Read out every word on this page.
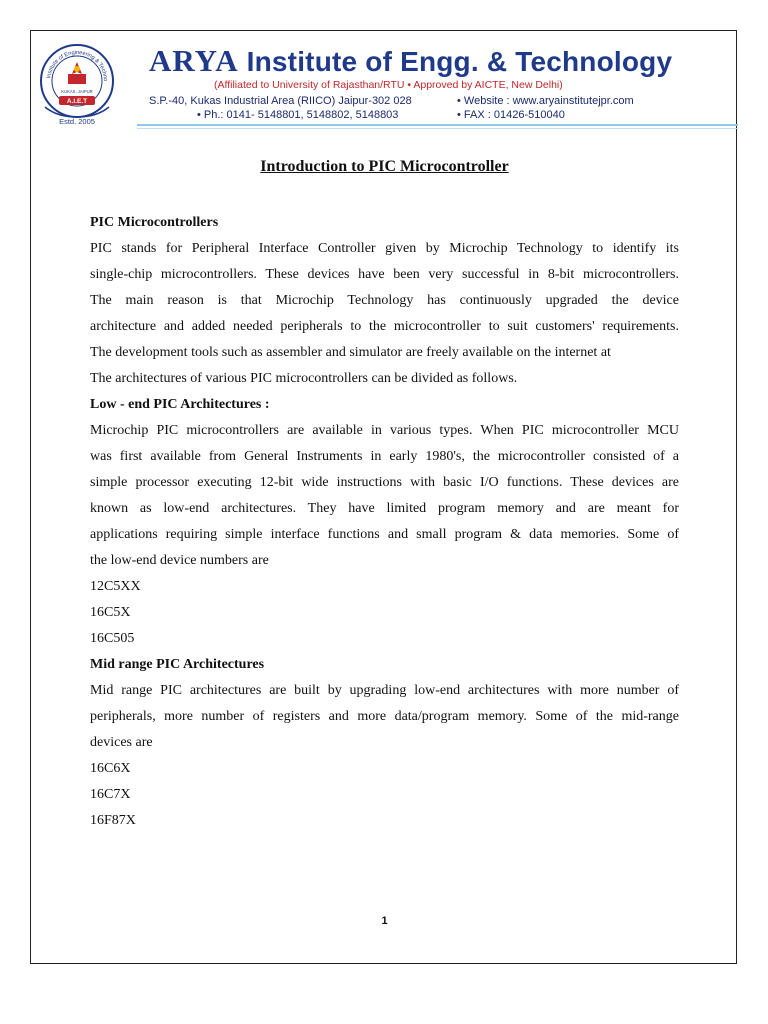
Institute of Engineering & Techno
KUKAS, JAIPUR
A.I.E.T
Estd. 2005
ARYA Institute of Engg. & Technology
(Affiliated to University of Rajasthan/RTU • Approved by AICTE, New Delhi)
S.P.-40, Kukas Industrial Area (RIICO) Jaipur-302 028
• Ph.: 0141- 5148801, 5148802, 5148803
• Website : www.aryainstitutejpr.com
• FAX : 01426-510040
Introduction to PIC Microcontroller
PIC Microcontrollers
PIC stands for Peripheral Interface Controller given by Microchip Technology to identify its
single-chip microcontrollers. These devices have been very successful in 8-bit microcontrollers.
The main reason is that Microchip Technology has continuously upgraded the device
architecture and added needed peripherals to the microcontroller to suit customers' requirements.
The development tools such as assembler and simulator are freely available on the internet at
The architectures of various PIC microcontrollers can be divided as follows.
Low - end PIC Architectures :
Microchip PIC microcontrollers are available in various types. When PIC microcontroller MCU
was first available from General Instruments in early 1980's, the microcontroller consisted of a
simple processor executing 12-bit wide instructions with basic I/O functions. These devices are
known as low-end architectures. They have limited program memory and are meant for
applications requiring simple interface functions and small program & data memories. Some of
the low-end device numbers are
12C5XX
16C5X
16C505
Mid range PIC Architectures
Mid range PIC architectures are built by upgrading low-end architectures with more number of
peripherals, more number of registers and more data/program memory. Some of the mid-range
devices are
16C6X
16C7X
16F87X
1
